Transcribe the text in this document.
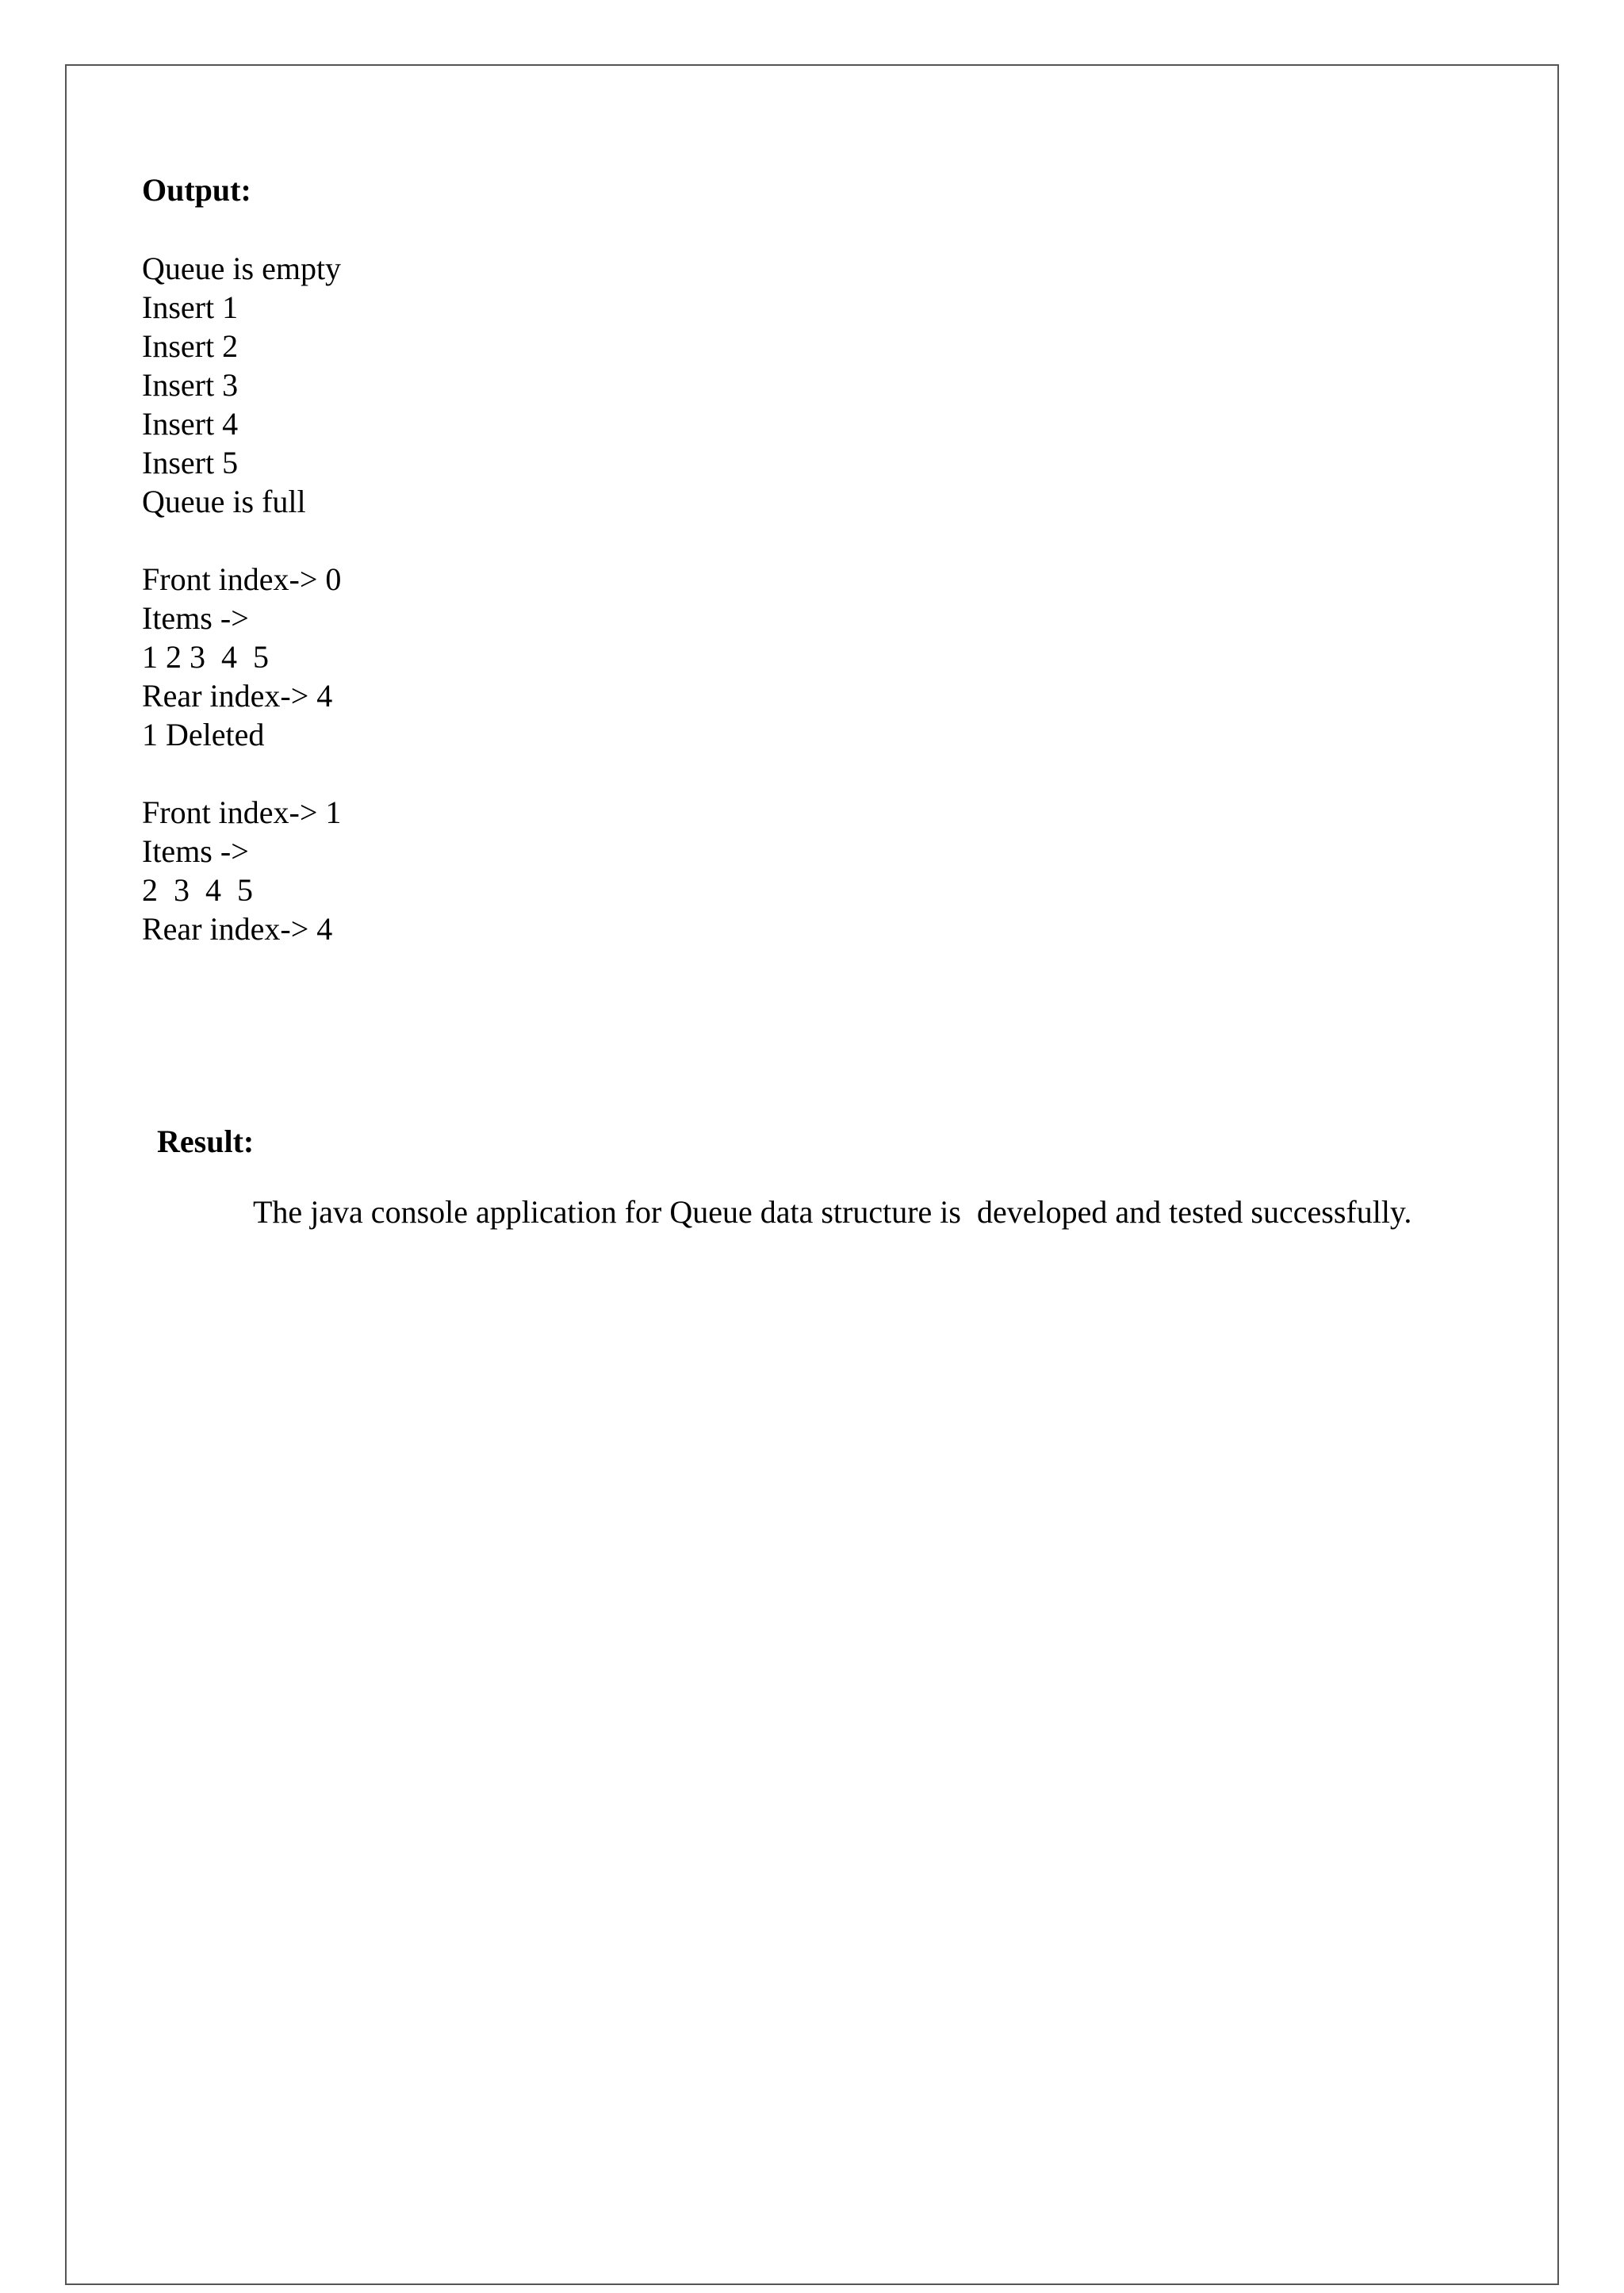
Output:
Queue is empty
Insert 1
Insert 2
Insert 3
Insert 4
Insert 5
Queue is full
Front index-> 0
Items ->
1 2 3  4  5
Rear index-> 4
1 Deleted
Front index-> 1
Items ->
2  3  4  5
Rear index-> 4
Result:

The java console application for Queue data structure is  developed and tested successfully.
